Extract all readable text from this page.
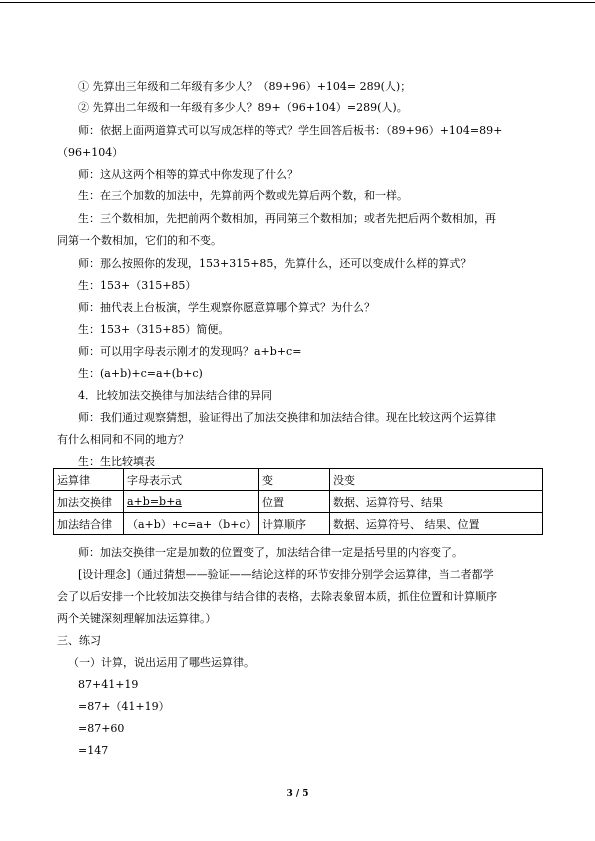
① 先算出三年级和二年级有多少人？（89+96）+104= 289(人)；
② 先算出二年级和一年级有多少人？89+（96+104）=289(人)。
师：依据上面两道算式可以写成怎样的等式？学生回答后板书：（89+96）+104=89+
（96+104）
师：这从这两个相等的算式中你发现了什么？
生：在三个加数的加法中，先算前两个数或先算后两个数，和一样。
生：三个数相加，先把前两个数相加，再同第三个数相加；或者先把后两个数相加，再
同第一个数相加，它们的和不变。
师：那么按照你的发现，153+315+85，先算什么，还可以变成什么样的算式？
生：153+（315+85）
师：抽代表上台板演，学生观察你愿意算哪个算式？为什么？
生：153+（315+85）简便。
师：可以用字母表示刚才的发现吗？a+b+c=
生：(a+b)+c=a+(b+c)
4．比较加法交换律与加法结合律的异同
师：我们通过观察猜想，验证得出了加法交换律和加法结合律。现在比较这两个运算律
有什么相同和不同的地方？
生：生比较填表
运算律	字母表示式	变	没变
加法交换律	a+b=b+a	位置	数据、运算符号、结果
加法结合律	（a+b）+c=a+（b+c）	计算顺序	数据、运算符号、 结果、位置
师：加法交换律一定是加数的位置变了，加法结合律一定是括号里的内容变了。
[设计理念]（通过猜想——验证——结论这样的环节安排分别学会运算律，当二者都学
会了以后安排一个比较加法交换律与结合律的表格，去除表象留本质，抓住位置和计算顺序
两个关键深刻理解加法运算律。）
三、练习
（一）计算，说出运用了哪些运算律。
87+41+19
=87+（41+19）
=87+60
=147
3 / 5
